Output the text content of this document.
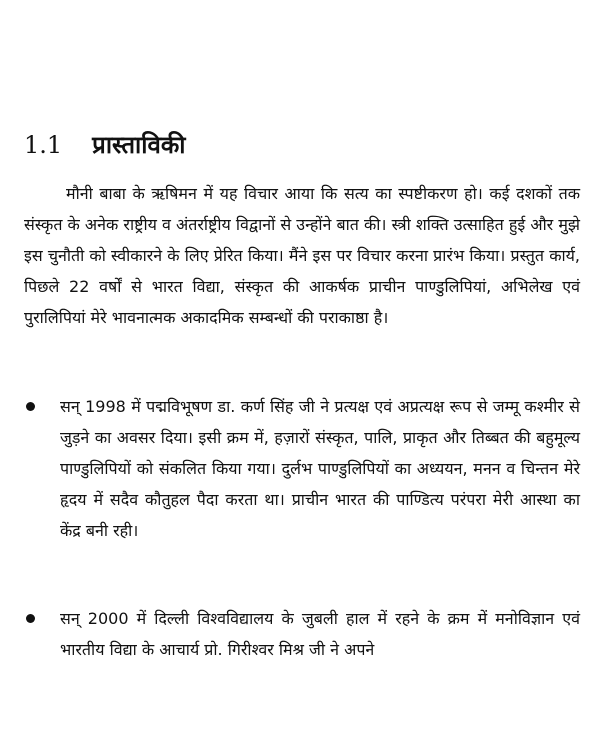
1.1 प्रास्ताविकी

मौनी बाबा के ऋषिमन में यह विचार आया कि सत्य का स्पष्टीकरण हो। कई दशकों तक संस्कृत के अनेक राष्ट्रीय व अंतर्राष्ट्रीय विद्वानों से उन्होंने बात की। स्त्री शक्ति उत्साहित हुई और मुझे इस चुनौती को स्वीकारने के लिए प्रेरित किया। मैंने इस पर विचार करना प्रारंभ किया। प्रस्तुत कार्य, पिछले 22 वर्षों से भारत विद्या, संस्कृत की आकर्षक प्राचीन पाण्डुलिपियां, अभिलेख एवं पुरालिपियां मेरे भावनात्मक अकादमिक सम्बन्धों की पराकाष्ठा है।

सन् 1998 में पद्मविभूषण डा. कर्ण सिंह जी ने प्रत्यक्ष एवं अप्रत्यक्ष रूप से जम्मू कश्मीर से जुड़ने का अवसर दिया। इसी क्रम में, हज़ारों संस्कृत, पालि, प्राकृत और तिब्बत की बहुमूल्य पाण्डुलिपियों को संकलित किया गया। दुर्लभ पाण्डुलिपियों का अध्ययन, मनन व चिन्तन मेरे हृदय में सदैव कौतुहल पैदा करता था। प्राचीन भारत की पाण्डित्य परंपरा मेरी आस्था का केंद्र बनी रही।

सन् 2000 में दिल्ली विश्वविद्यालय के जुबली हाल में रहने के क्रम में मनोविज्ञान एवं भारतीय विद्या के आचार्य प्रो. गिरीश्वर मिश्र जी ने अपने
